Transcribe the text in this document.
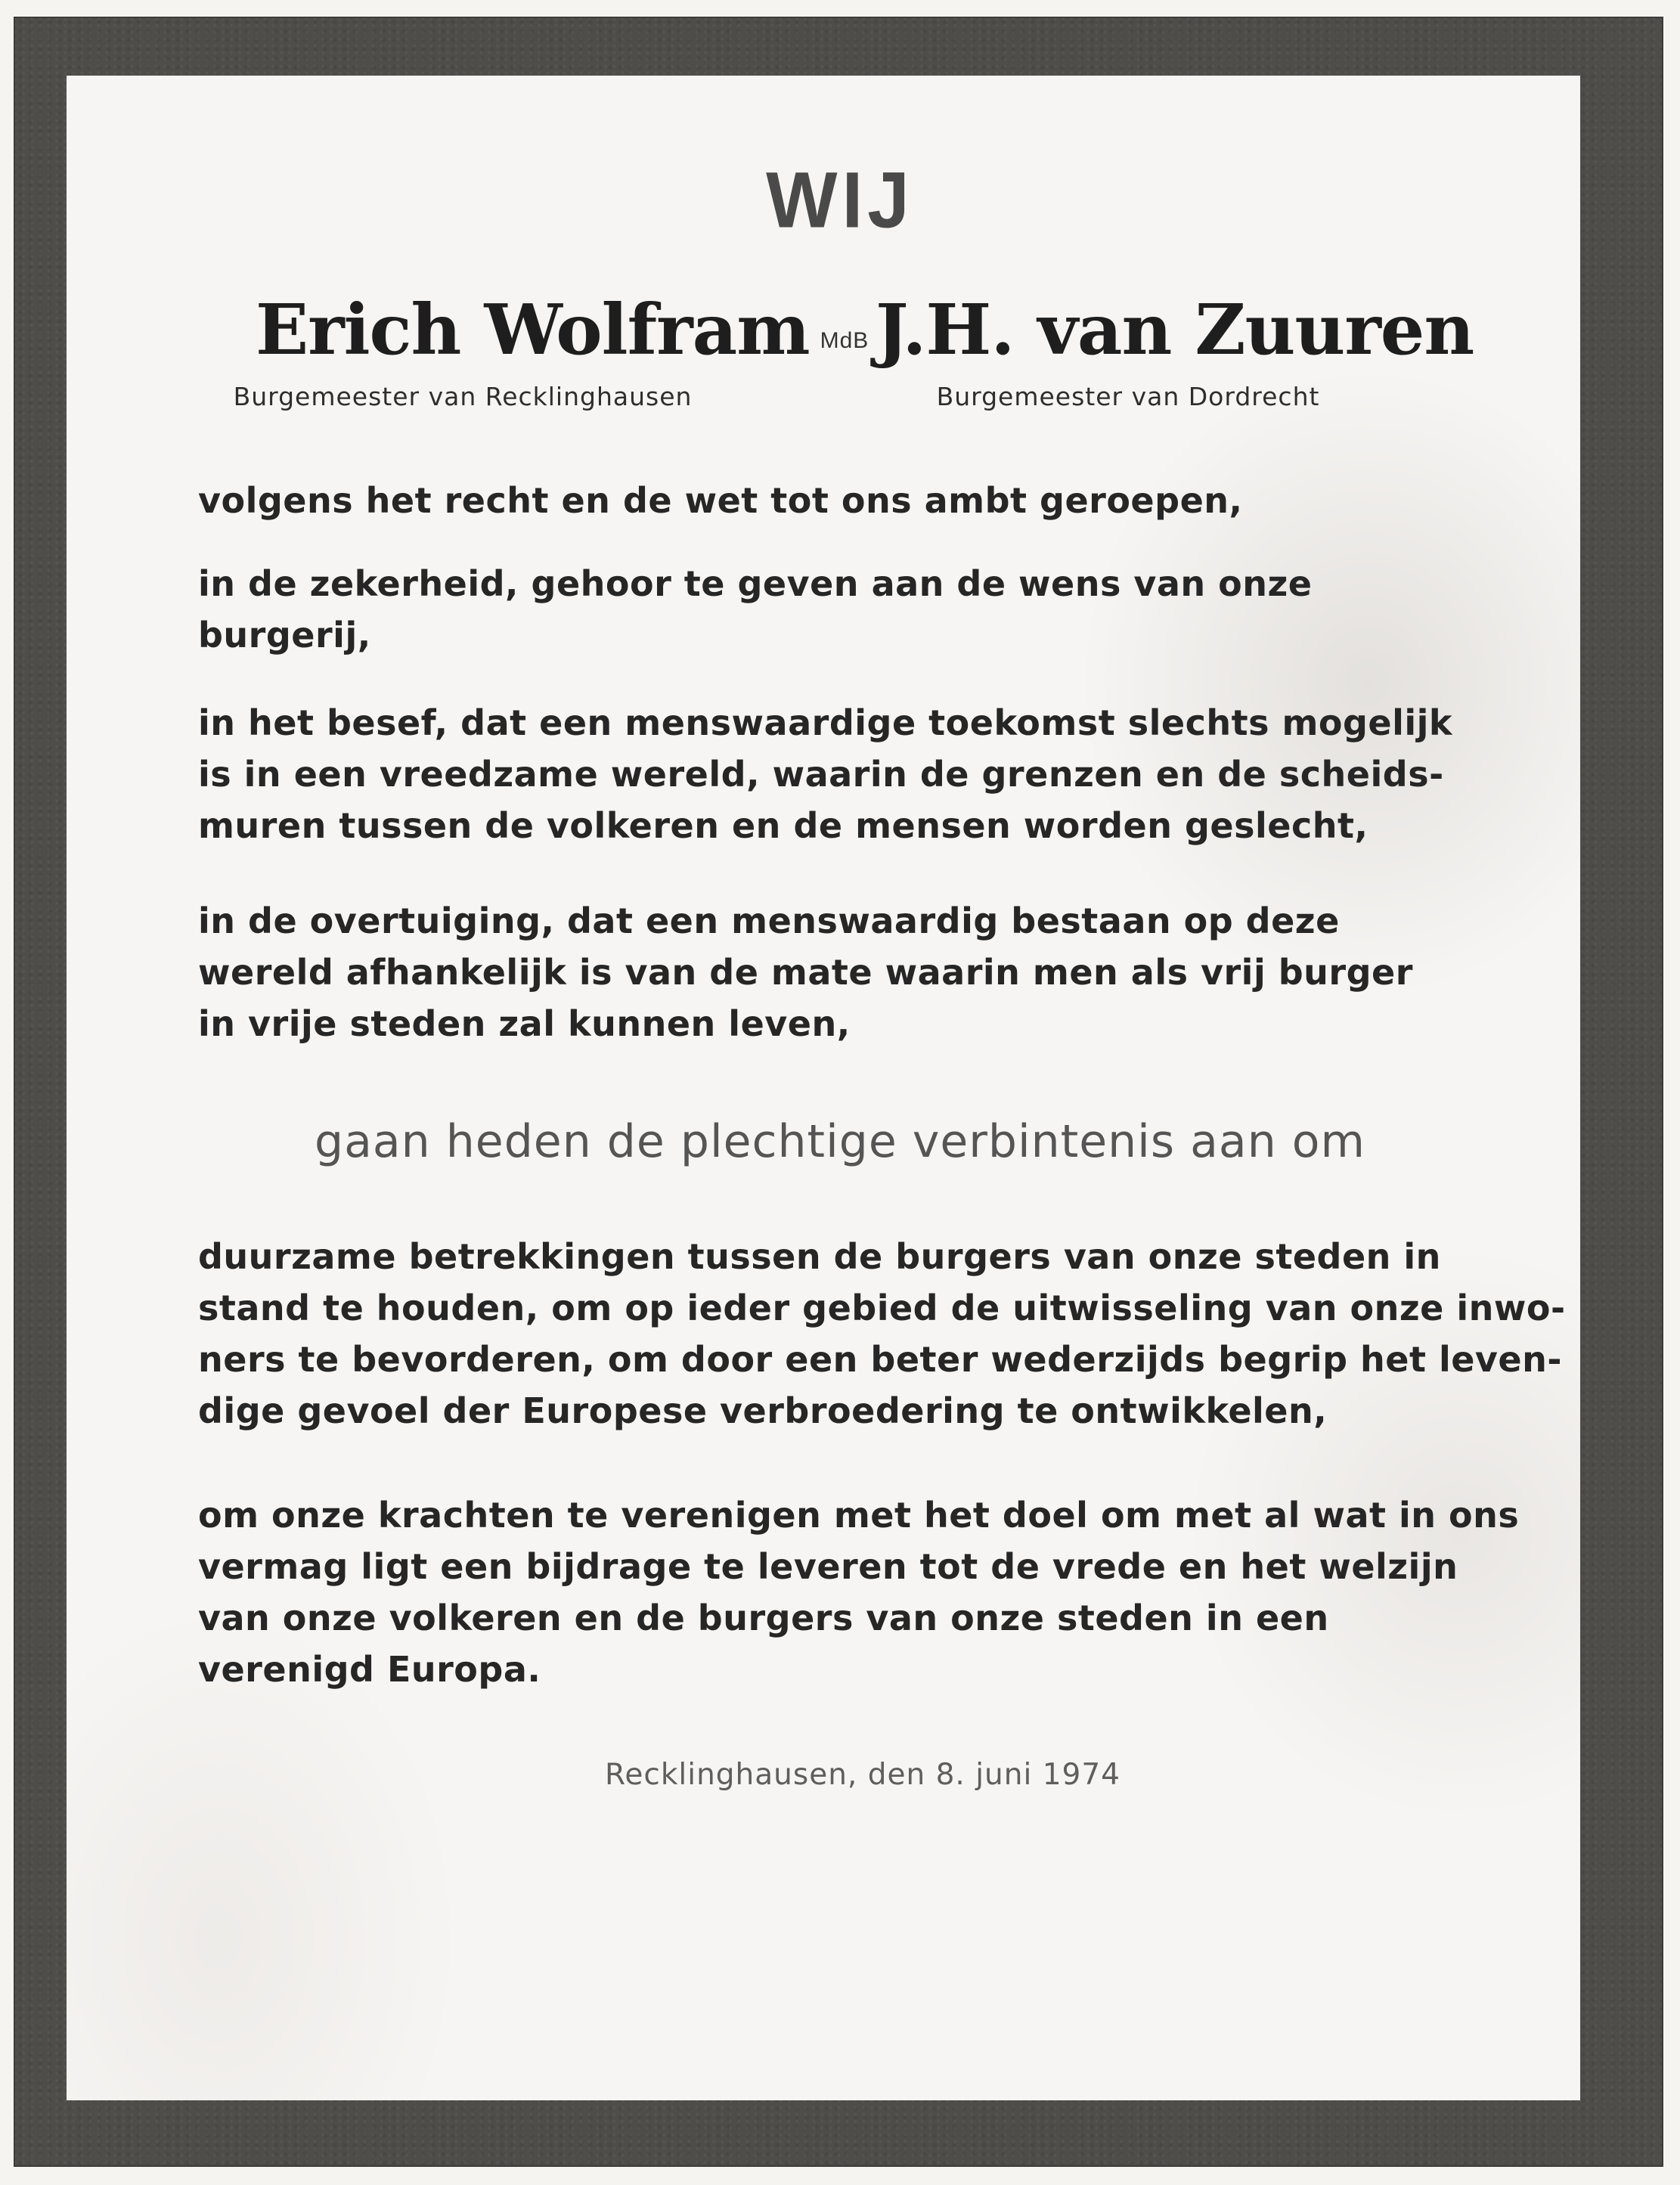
WIJ
Erich Wolfram MdB J.H. van Zuuren
Burgemeester van Recklinghausen	Burgemeester van Dordrecht
volgens het recht en de wet tot ons ambt geroepen,
in de zekerheid, gehoor te geven aan de wens van onze
burgerij,
in het besef, dat een menswaardige toekomst slechts mogelijk
is in een vreedzame wereld, waarin de grenzen en de scheids-
muren tussen de volkeren en de mensen worden geslecht,
in de overtuiging, dat een menswaardig bestaan op deze
wereld afhankelijk is van de mate waarin men als vrij burger
in vrije steden zal kunnen leven,
gaan heden de plechtige verbintenis aan om
duurzame betrekkingen tussen de burgers van onze steden in
stand te houden, om op ieder gebied de uitwisseling van onze inwo-
ners te bevorderen, om door een beter wederzijds begrip het leven-
dige gevoel der Europese verbroedering te ontwikkelen,
om onze krachten te verenigen met het doel om met al wat in ons
vermag ligt een bijdrage te leveren tot de vrede en het welzijn
van onze volkeren en de burgers van onze steden in een
verenigd Europa.
Recklinghausen, den 8. juni 1974
